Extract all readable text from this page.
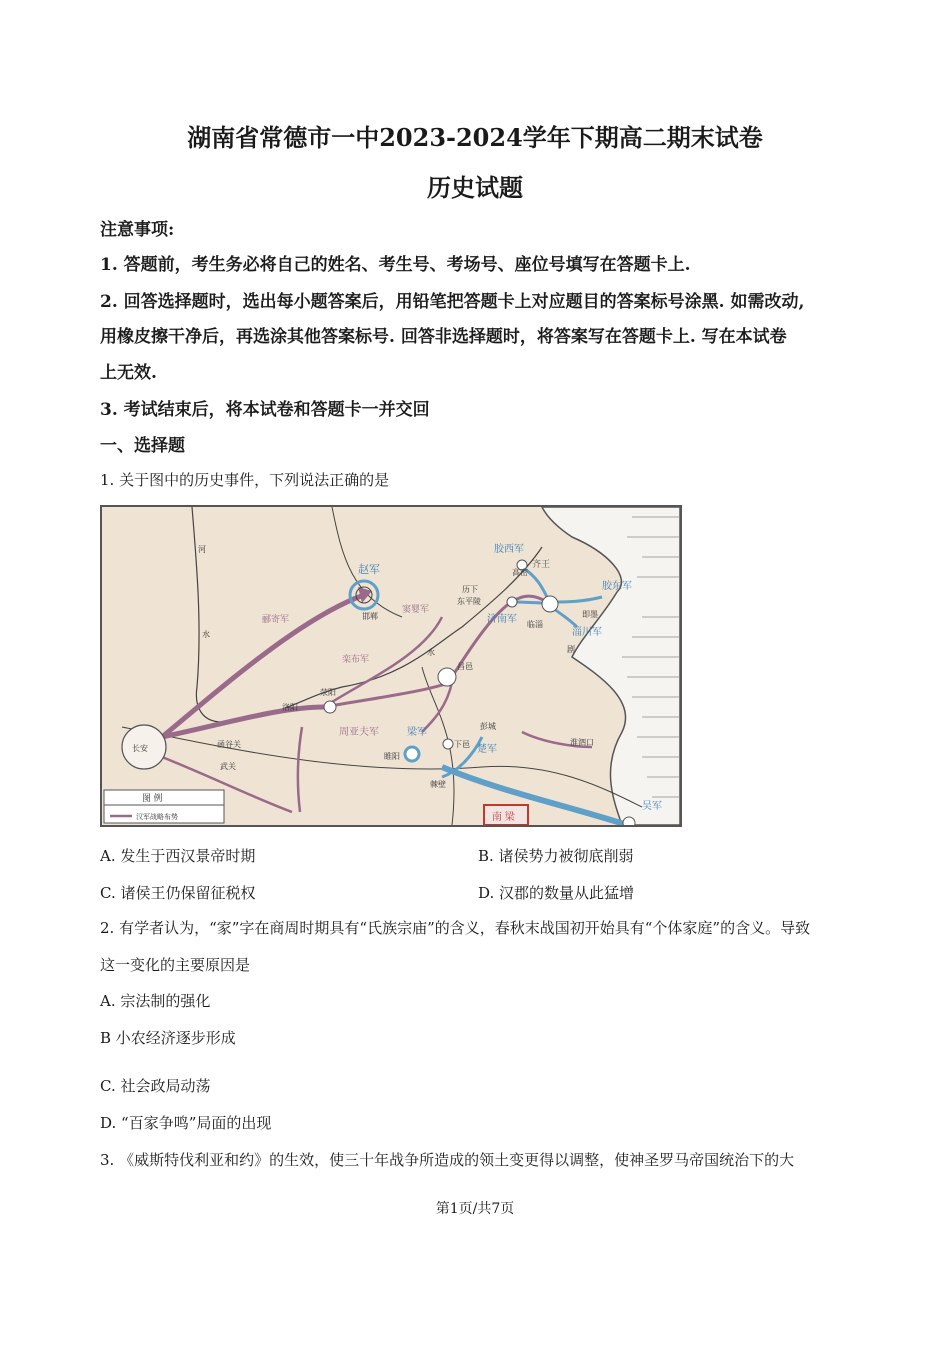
湖南省常德市一中2023-2024学年下期高二期末试卷
历史试题
注意事项:
1. 答题前，考生务必将自己的姓名、考生号、考场号、座位号填写在答题卡上.
2. 回答选择题时，选出每小题答案后，用铅笔把答题卡上对应题目的答案标号涂黑. 如需改动,
用橡皮擦干净后，再选涂其他答案标号. 回答非选择题时，将答案写在答题卡上. 写在本试卷
上无效.
3. 考试结束后，将本试卷和答题卡一并交回
一、选择题
1. 关于图中的历史事件，下列说法正确的是
赵军
胶西军
胶东军
济南军
淄川军
梁军
楚军
吴军
郦寄军
窦婴军
栾布军
周亚夫军
齐王
邯郸
高密
即墨
历下
东平陵
临淄
剧
荥阳
洛阳
长安	函谷关
武关
昌邑
彭城
睢阳
下邑
棘壁
淮泗口
河
水
水
图 例
汉军战略布势	南 梁
A. 发生于西汉景帝时期	B. 诸侯势力被彻底削弱
C. 诸侯王仍保留征税权	D. 汉郡的数量从此猛增
2. 有学者认为，“家”字在商周时期具有“氏族宗庙”的含义，春秋末战国初开始具有“个体家庭”的含义。导致
这一变化的主要原因是
A. 宗法制的强化
B 小农经济逐步形成
C. 社会政局动荡
D. “百家争鸣”局面的出现
3. 《威斯特伐利亚和约》的生效，使三十年战争所造成的领土变更得以调整，使神圣罗马帝国统治下的大
第1页/共7页
